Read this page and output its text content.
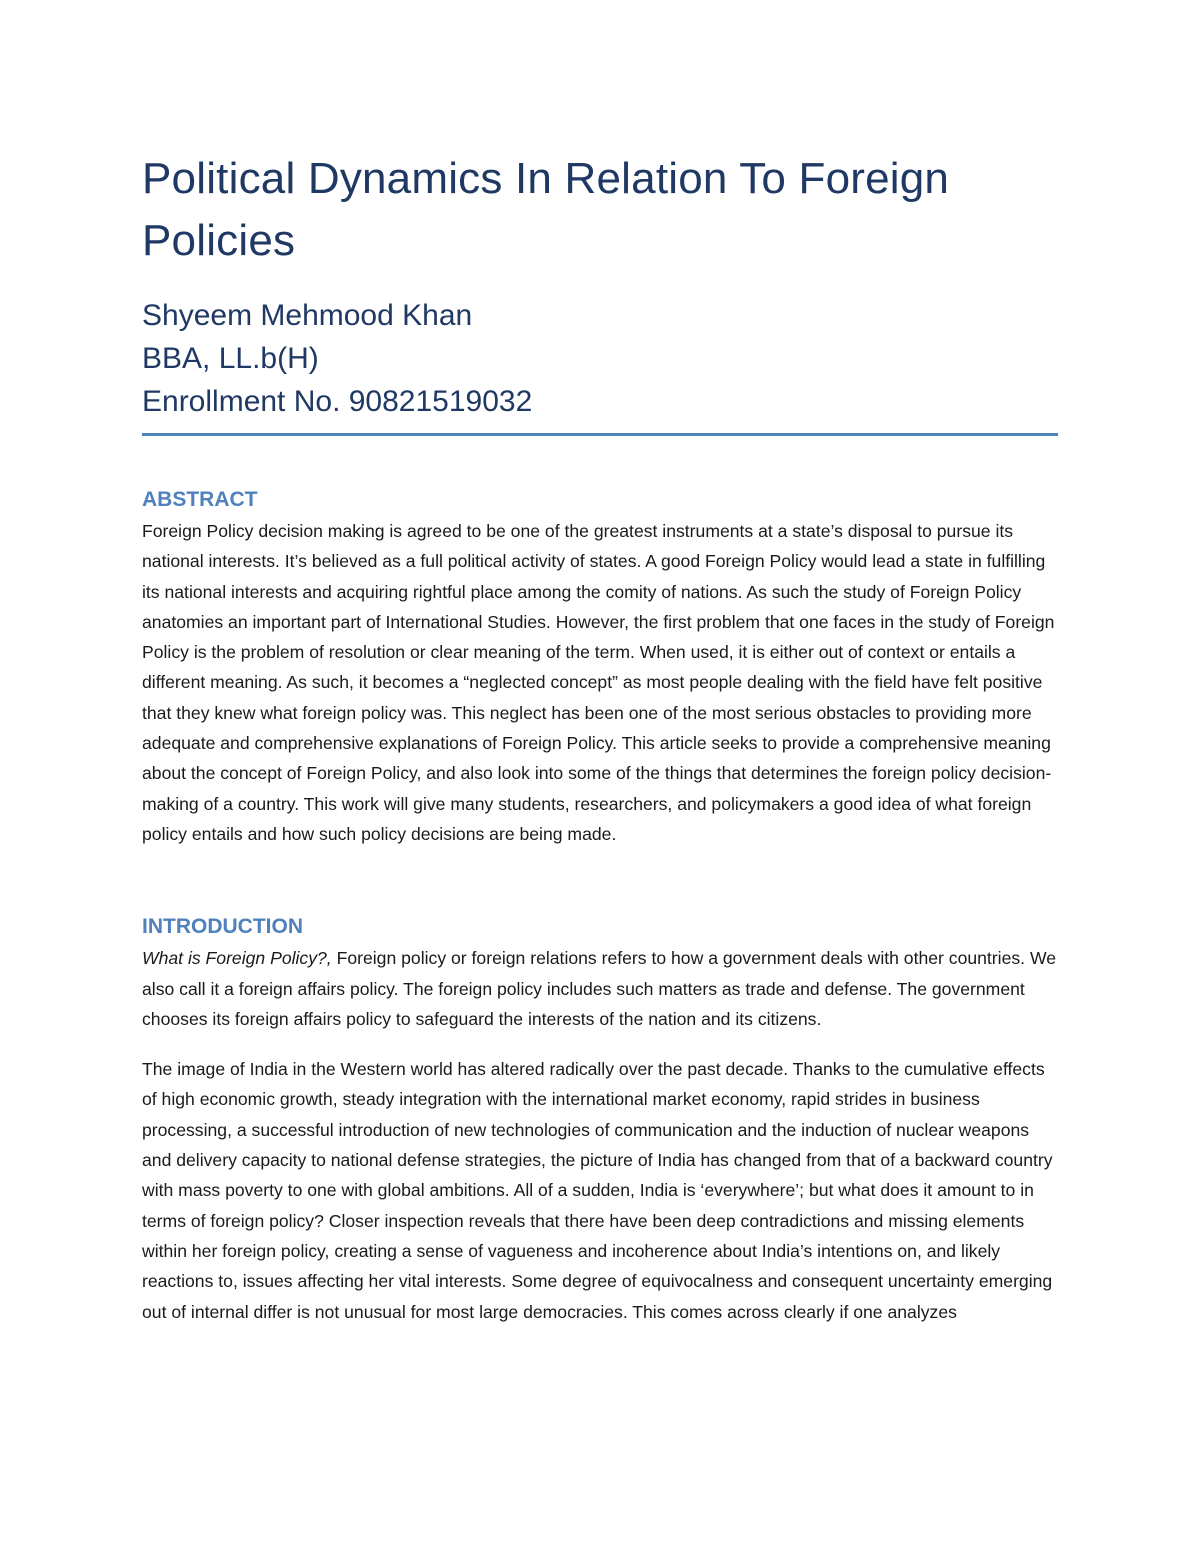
Political Dynamics In Relation To Foreign Policies
Shyeem Mehmood Khan
BBA, LL.b(H)
Enrollment No. 90821519032
ABSTRACT

Foreign Policy decision making is agreed to be one of the greatest instruments at a state’s disposal to pursue its national interests. It’s believed as a full political activity of states. A good Foreign Policy would lead a state in fulfilling its national interests and acquiring rightful place among the comity of nations. As such the study of Foreign Policy anatomies an important part of International Studies. However, the first problem that one faces in the study of Foreign Policy is the problem of resolution or clear meaning of the term. When used, it is either out of context or entails a different meaning. As such, it becomes a “neglected concept” as most people dealing with the field have felt positive that they knew what foreign policy was. This neglect has been one of the most serious obstacles to providing more adequate and comprehensive explanations of Foreign Policy. This article seeks to provide a comprehensive meaning about the concept of Foreign Policy, and also look into some of the things that determines the foreign policy decision-making of a country. This work will give many students, researchers, and policymakers a good idea of what foreign policy entails and how such policy decisions are being made.

INTRODUCTION

What is Foreign Policy?, Foreign policy or foreign relations refers to how a government deals with other countries. We also call it a foreign affairs policy. The foreign policy includes such matters as trade and defense. The government chooses its foreign affairs policy to safeguard the interests of the nation and its citizens.

The image of India in the Western world has altered radically over the past decade. Thanks to the cumulative effects of high economic growth, steady integration with the international market economy, rapid strides in business processing, a successful introduction of new technologies of communication and the induction of nuclear weapons and delivery capacity to national defense strategies, the picture of India has changed from that of a backward country with mass poverty to one with global ambitions. All of a sudden, India is ‘everywhere’; but what does it amount to in terms of foreign policy? Closer inspection reveals that there have been deep contradictions and missing elements within her foreign policy, creating a sense of vagueness and incoherence about India’s intentions on, and likely reactions to, issues affecting her vital interests. Some degree of equivocalness and consequent uncertainty emerging out of internal differ is not unusual for most large democracies. This comes across clearly if one analyzes
